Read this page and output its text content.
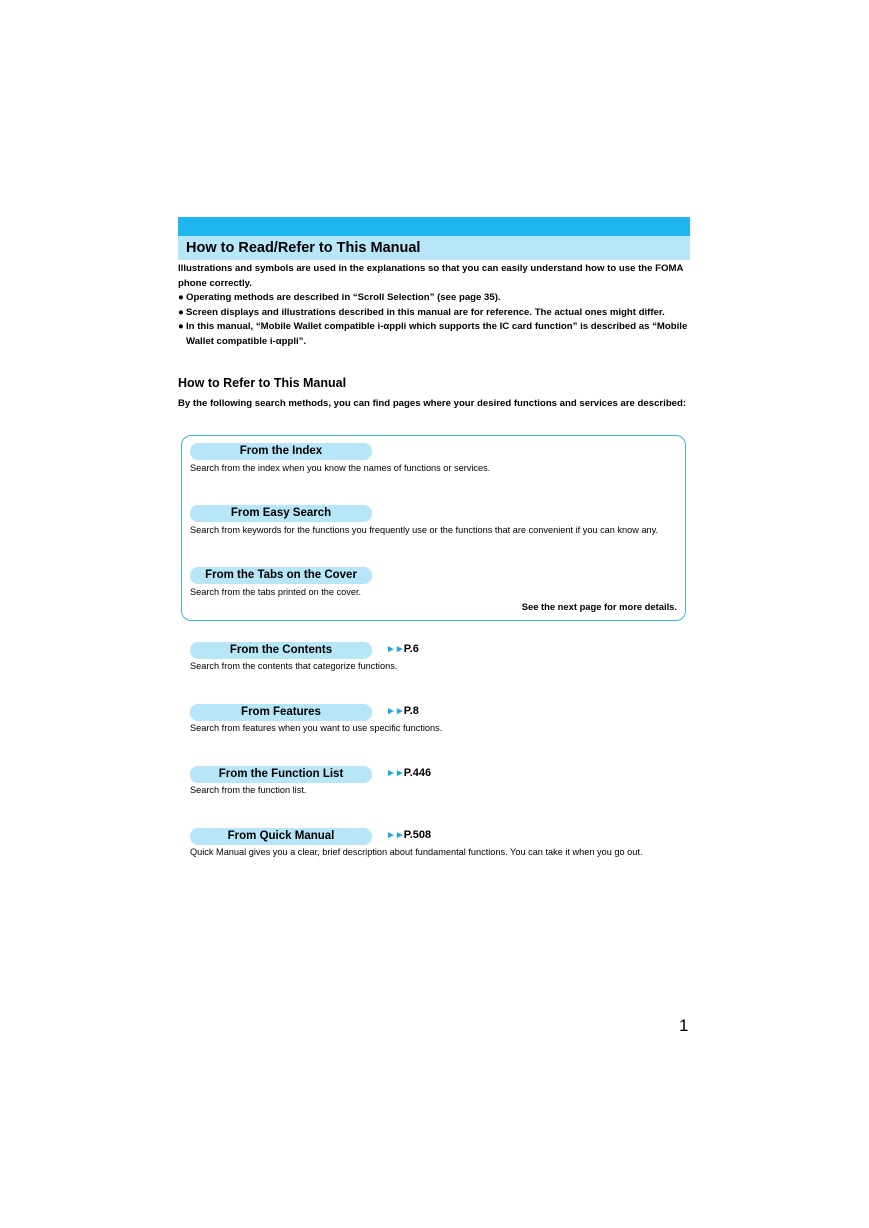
How to Read/Refer to This Manual

Illustrations and symbols are used in the explanations so that you can easily understand how to use the FOMA phone correctly.

● Operating methods are described in “Scroll Selection” (see page 35).
● Screen displays and illustrations described in this manual are for reference. The actual ones might differ.
● In this manual, “Mobile Wallet compatible i-αppli which supports the IC card function” is described as “Mobile Wallet compatible i-αppli”.
How to Refer to This Manual
By the following search methods, you can find pages where your desired functions and services are described:
From the Index
Search from the index when you know the names of functions or services.
From Easy Search
Search from keywords for the functions you frequently use or the functions that are convenient if you can know any.
From the Tabs on the Cover
Search from the tabs printed on the cover.
See the next page for more details.
From the Contents	►►P.6
Search from the contents that categorize functions.
From Features	►►P.8
Search from features when you want to use specific functions.
From the Function List	►►P.446
Search from the function list.
From Quick Manual	►►P.508
Quick Manual gives you a clear, brief description about fundamental functions. You can take it when you go out.
1
